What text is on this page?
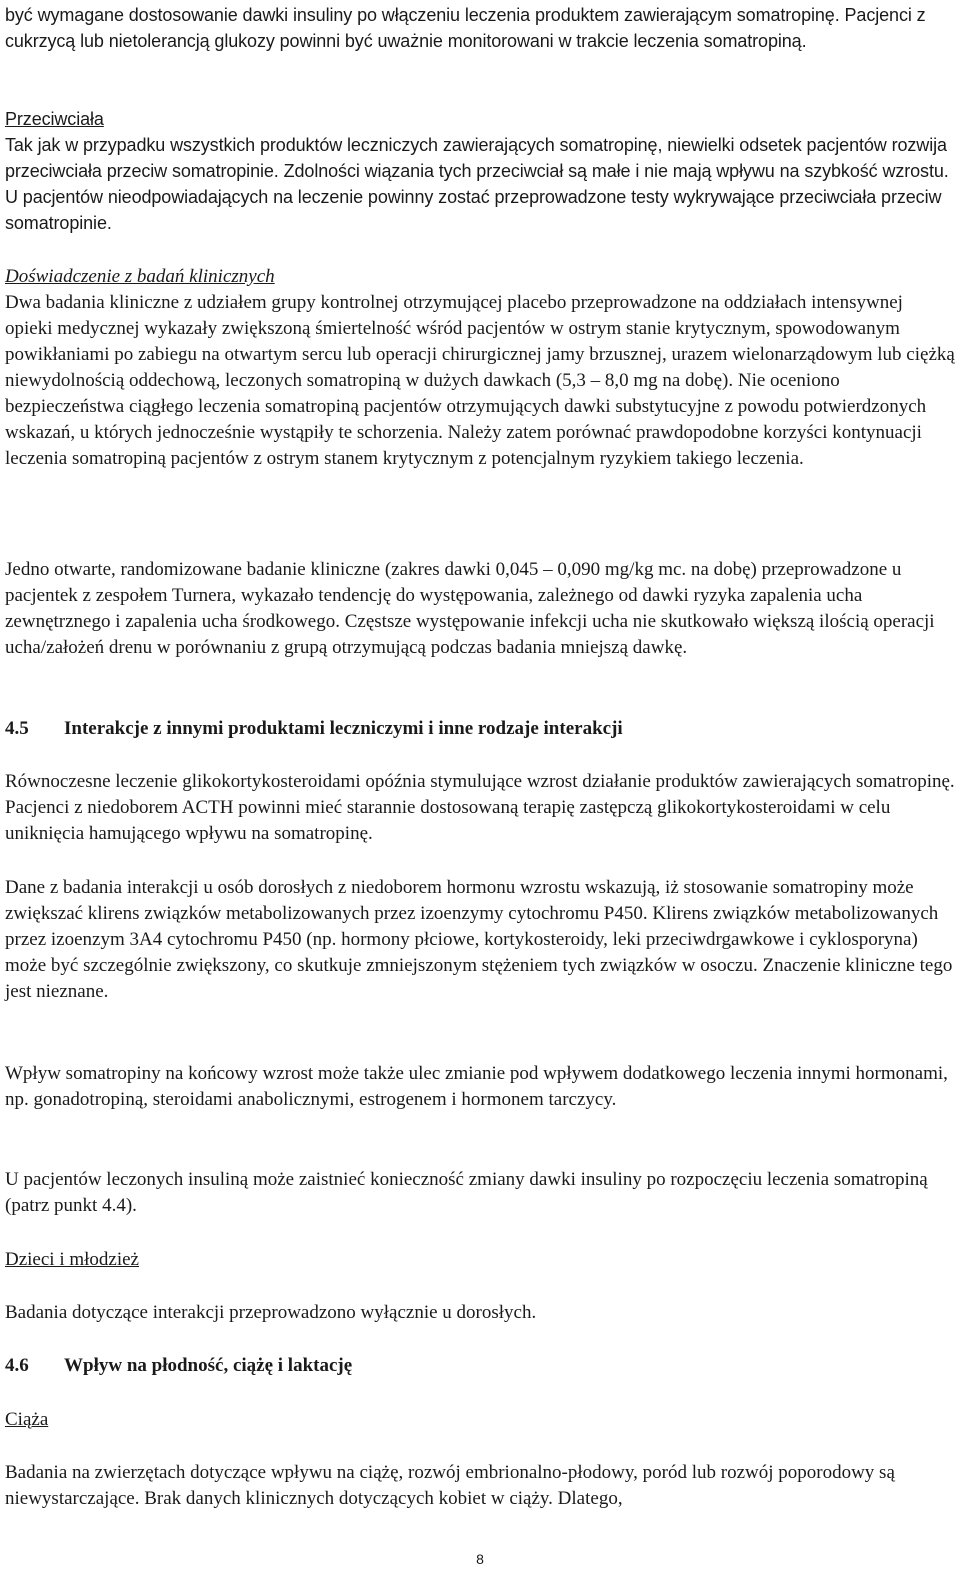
być wymagane dostosowanie dawki insuliny po włączeniu leczenia produktem zawierającym somatropinę. Pacjenci z cukrzycą lub nietolerancją glukozy powinni być uważnie monitorowani w trakcie leczenia somatropiną.

Przeciwciała

Tak jak w przypadku wszystkich produktów leczniczych zawierających somatropinę, niewielki odsetek pacjentów rozwija przeciwciała przeciw somatropinie. Zdolności wiązania tych przeciwciał są małe i nie mają wpływu na szybkość wzrostu. U pacjentów nieodpowiadających na leczenie powinny zostać przeprowadzone testy wykrywające przeciwciała przeciw somatropinie.

Doświadczenie z badań klinicznych

Dwa badania kliniczne z udziałem grupy kontrolnej otrzymującej placebo przeprowadzone na oddziałach intensywnej opieki medycznej wykazały zwiększoną śmiertelność wśród pacjentów w ostrym stanie krytycznym, spowodowanym powikłaniami po zabiegu na otwartym sercu lub operacji chirurgicznej jamy brzusznej, urazem wielonarządowym lub ciężką niewydolnością oddechową, leczonych somatropiną w dużych dawkach (5,3 – 8,0 mg na dobę). Nie oceniono bezpieczeństwa ciągłego leczenia somatropiną pacjentów otrzymujących dawki substytucyjne z powodu potwierdzonych wskazań, u których jednocześnie wystąpiły te schorzenia. Należy zatem porównać prawdopodobne korzyści kontynuacji leczenia somatropiną pacjentów z ostrym stanem krytycznym z potencjalnym ryzykiem takiego leczenia.

Jedno otwarte, randomizowane badanie kliniczne (zakres dawki 0,045 – 0,090 mg/kg mc. na dobę) przeprowadzone u pacjentek z zespołem Turnera, wykazało tendencję do występowania, zależnego od dawki ryzyka zapalenia ucha zewnętrznego i zapalenia ucha środkowego. Częstsze występowanie infekcji ucha nie skutkowało większą ilością operacji ucha/założeń drenu w porównaniu z grupą otrzymującą podczas badania mniejszą dawkę.

4.5 Interakcje z innymi produktami leczniczymi i inne rodzaje interakcji

Równoczesne leczenie glikokortykosteroidami opóźnia stymulujące wzrost działanie produktów zawierających somatropinę. Pacjenci z niedoborem ACTH powinni mieć starannie dostosowaną terapię zastępczą glikokortykosteroidami w celu uniknięcia hamującego wpływu na somatropinę.

Dane z badania interakcji u osób dorosłych z niedoborem hormonu wzrostu wskazują, iż stosowanie somatropiny może zwiększać klirens związków metabolizowanych przez izoenzymy cytochromu P450. Klirens związków metabolizowanych przez izoenzym 3A4 cytochromu P450 (np. hormony płciowe, kortykosteroidy, leki przeciwdrgawkowe i cyklosporyna) może być szczególnie zwiększony, co skutkuje zmniejszonym stężeniem tych związków w osoczu. Znaczenie kliniczne tego jest nieznane.

Wpływ somatropiny na końcowy wzrost może także ulec zmianie pod wpływem dodatkowego leczenia innymi hormonami, np. gonadotropiną, steroidami anabolicznymi, estrogenem i hormonem tarczycy.

U pacjentów leczonych insuliną może zaistnieć konieczność zmiany dawki insuliny po rozpoczęciu leczenia somatropiną (patrz punkt 4.4).

Dzieci i młodzież

Badania dotyczące interakcji przeprowadzono wyłącznie u dorosłych.

4.6 Wpływ na płodność, ciążę i laktację

Ciąża

Badania na zwierzętach dotyczące wpływu na ciążę, rozwój embrionalno-płodowy, poród lub rozwój poporodowy są niewystarczające. Brak danych klinicznych dotyczących kobiet w ciąży. Dlatego,

8
